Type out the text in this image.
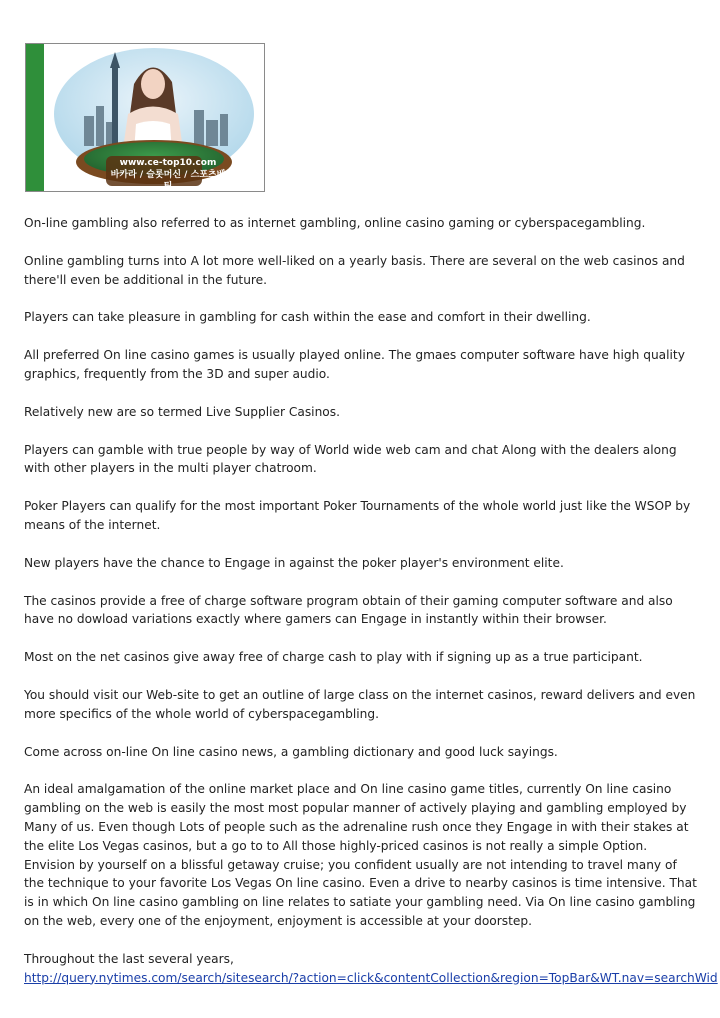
www.ce-top10.com
바카라 / 슬롯머신 / 스포츠베팅

On-line gambling also referred to as internet gambling, online casino gaming or cyberspacegambling.

Online gambling turns into A lot more well-liked on a yearly basis. There are several on the web casinos and there'll even be additional in the future.

Players can take pleasure in gambling for cash within the ease and comfort in their dwelling.

All preferred On line casino games is usually played online. The gmaes computer software have high quality graphics, frequently from the 3D and super audio.

Relatively new are so termed Live Supplier Casinos.

Players can gamble with true people by way of World wide web cam and chat Along with the dealers along with other players in the multi player chatroom.

Poker Players can qualify for the most important Poker Tournaments of the whole world just like the WSOP by means of the internet.

New players have the chance to Engage in against the poker player's environment elite.

The casinos provide a free of charge software program obtain of their gaming computer software and also have no dowload variations exactly where gamers can Engage in instantly within their browser.

Most on the net casinos give away free of charge cash to play with if signing up as a true participant.

You should visit our Web-site to get an outline of large class on the internet casinos, reward delivers and even more specifics of the whole world of cyberspacegambling.

Come across on-line On line casino news, a gambling dictionary and good luck sayings.

An ideal amalgamation of the online market place and On line casino game titles, currently On line casino gambling on the web is easily the most most popular manner of actively playing and gambling employed by Many of us. Even though Lots of people such as the adrenaline rush once they Engage in with their stakes at the elite Los Vegas casinos, but a go to to All those highly-priced casinos is not really a simple Option. Envision by yourself on a blissful getaway cruise; you confident usually are not intending to travel many of the technique to your favorite Los Vegas On line casino. Even a drive to nearby casinos is time intensive. That is in which On line casino gambling on line relates to satiate your gambling need. Via On line casino gambling on the web, every one of the enjoyment, enjoyment is accessible at your doorstep.

Throughout the last several years,
http://query.nytimes.com/search/sitesearch/?action=click&contentCollection&region=TopBar&WT.nav=searchWid
